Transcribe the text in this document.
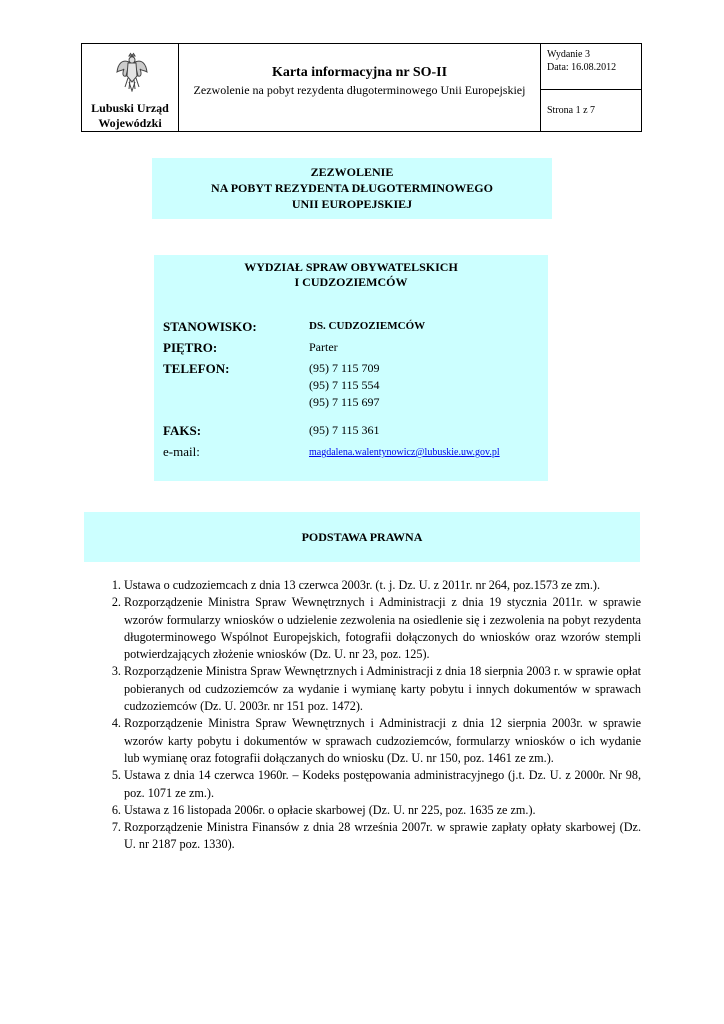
Lubuski Urząd Wojewódzki
Karta informacyjna nr SO-II
Zezwolenie na pobyt rezydenta długoterminowego Unii Europejskiej
Wydanie 3
Data: 16.08.2012
Strona 1 z 7
ZEZWOLENIE
NA POBYT REZYDENTA DŁUGOTERMINOWEGO
UNII EUROPEJSKIEJ
WYDZIAŁ SPRAW OBYWATELSKICH
I CUDZOZIEMCÓW
STANOWISKO:	DS. CUDZOZIEMCÓW
PIĘTRO:	Parter
TELEFON:	(95) 7 115 709
(95) 7 115 554
(95) 7 115 697
FAKS:	(95) 7 115 361
e-mail:	magdalena.walentynowicz@lubuskie.uw.gov.pl
PODSTAWA PRAWNA
1. Ustawa o cudzoziemcach z dnia 13 czerwca 2003r. (t. j. Dz. U. z 2011r. nr 264, poz.1573 ze zm.).
2. Rozporządzenie Ministra Spraw Wewnętrznych i Administracji z dnia 19 stycznia 2011r. w sprawie wzorów formularzy wniosków o udzielenie zezwolenia na osiedlenie się i zezwolenia na pobyt rezydenta długoterminowego Wspólnot Europejskich, fotografii dołączonych do wniosków oraz wzorów stempli potwierdzających złożenie wniosków (Dz. U. nr 23, poz. 125).
3. Rozporządzenie Ministra Spraw Wewnętrznych i Administracji z dnia 18 sierpnia 2003 r. w sprawie opłat pobieranych od cudzoziemców za wydanie i wymianę karty pobytu i innych dokumentów w sprawach cudzoziemców (Dz. U. 2003r. nr 151 poz. 1472).
4. Rozporządzenie Ministra Spraw Wewnętrznych i Administracji z dnia 12 sierpnia 2003r. w sprawie wzorów karty pobytu i dokumentów w sprawach cudzoziemców, formularzy wniosków o ich wydanie lub wymianę oraz fotografii dołączanych do wniosku (Dz. U. nr 150, poz. 1461 ze zm.).
5. Ustawa z dnia 14 czerwca 1960r. – Kodeks postępowania administracyjnego (j.t. Dz. U. z 2000r. Nr 98, poz. 1071 ze zm.).
6. Ustawa z 16 listopada 2006r. o opłacie skarbowej (Dz. U. nr 225, poz. 1635 ze zm.).
7. Rozporządzenie Ministra Finansów z dnia 28 września 2007r. w sprawie zapłaty opłaty skarbowej (Dz. U. nr 2187 poz. 1330).
